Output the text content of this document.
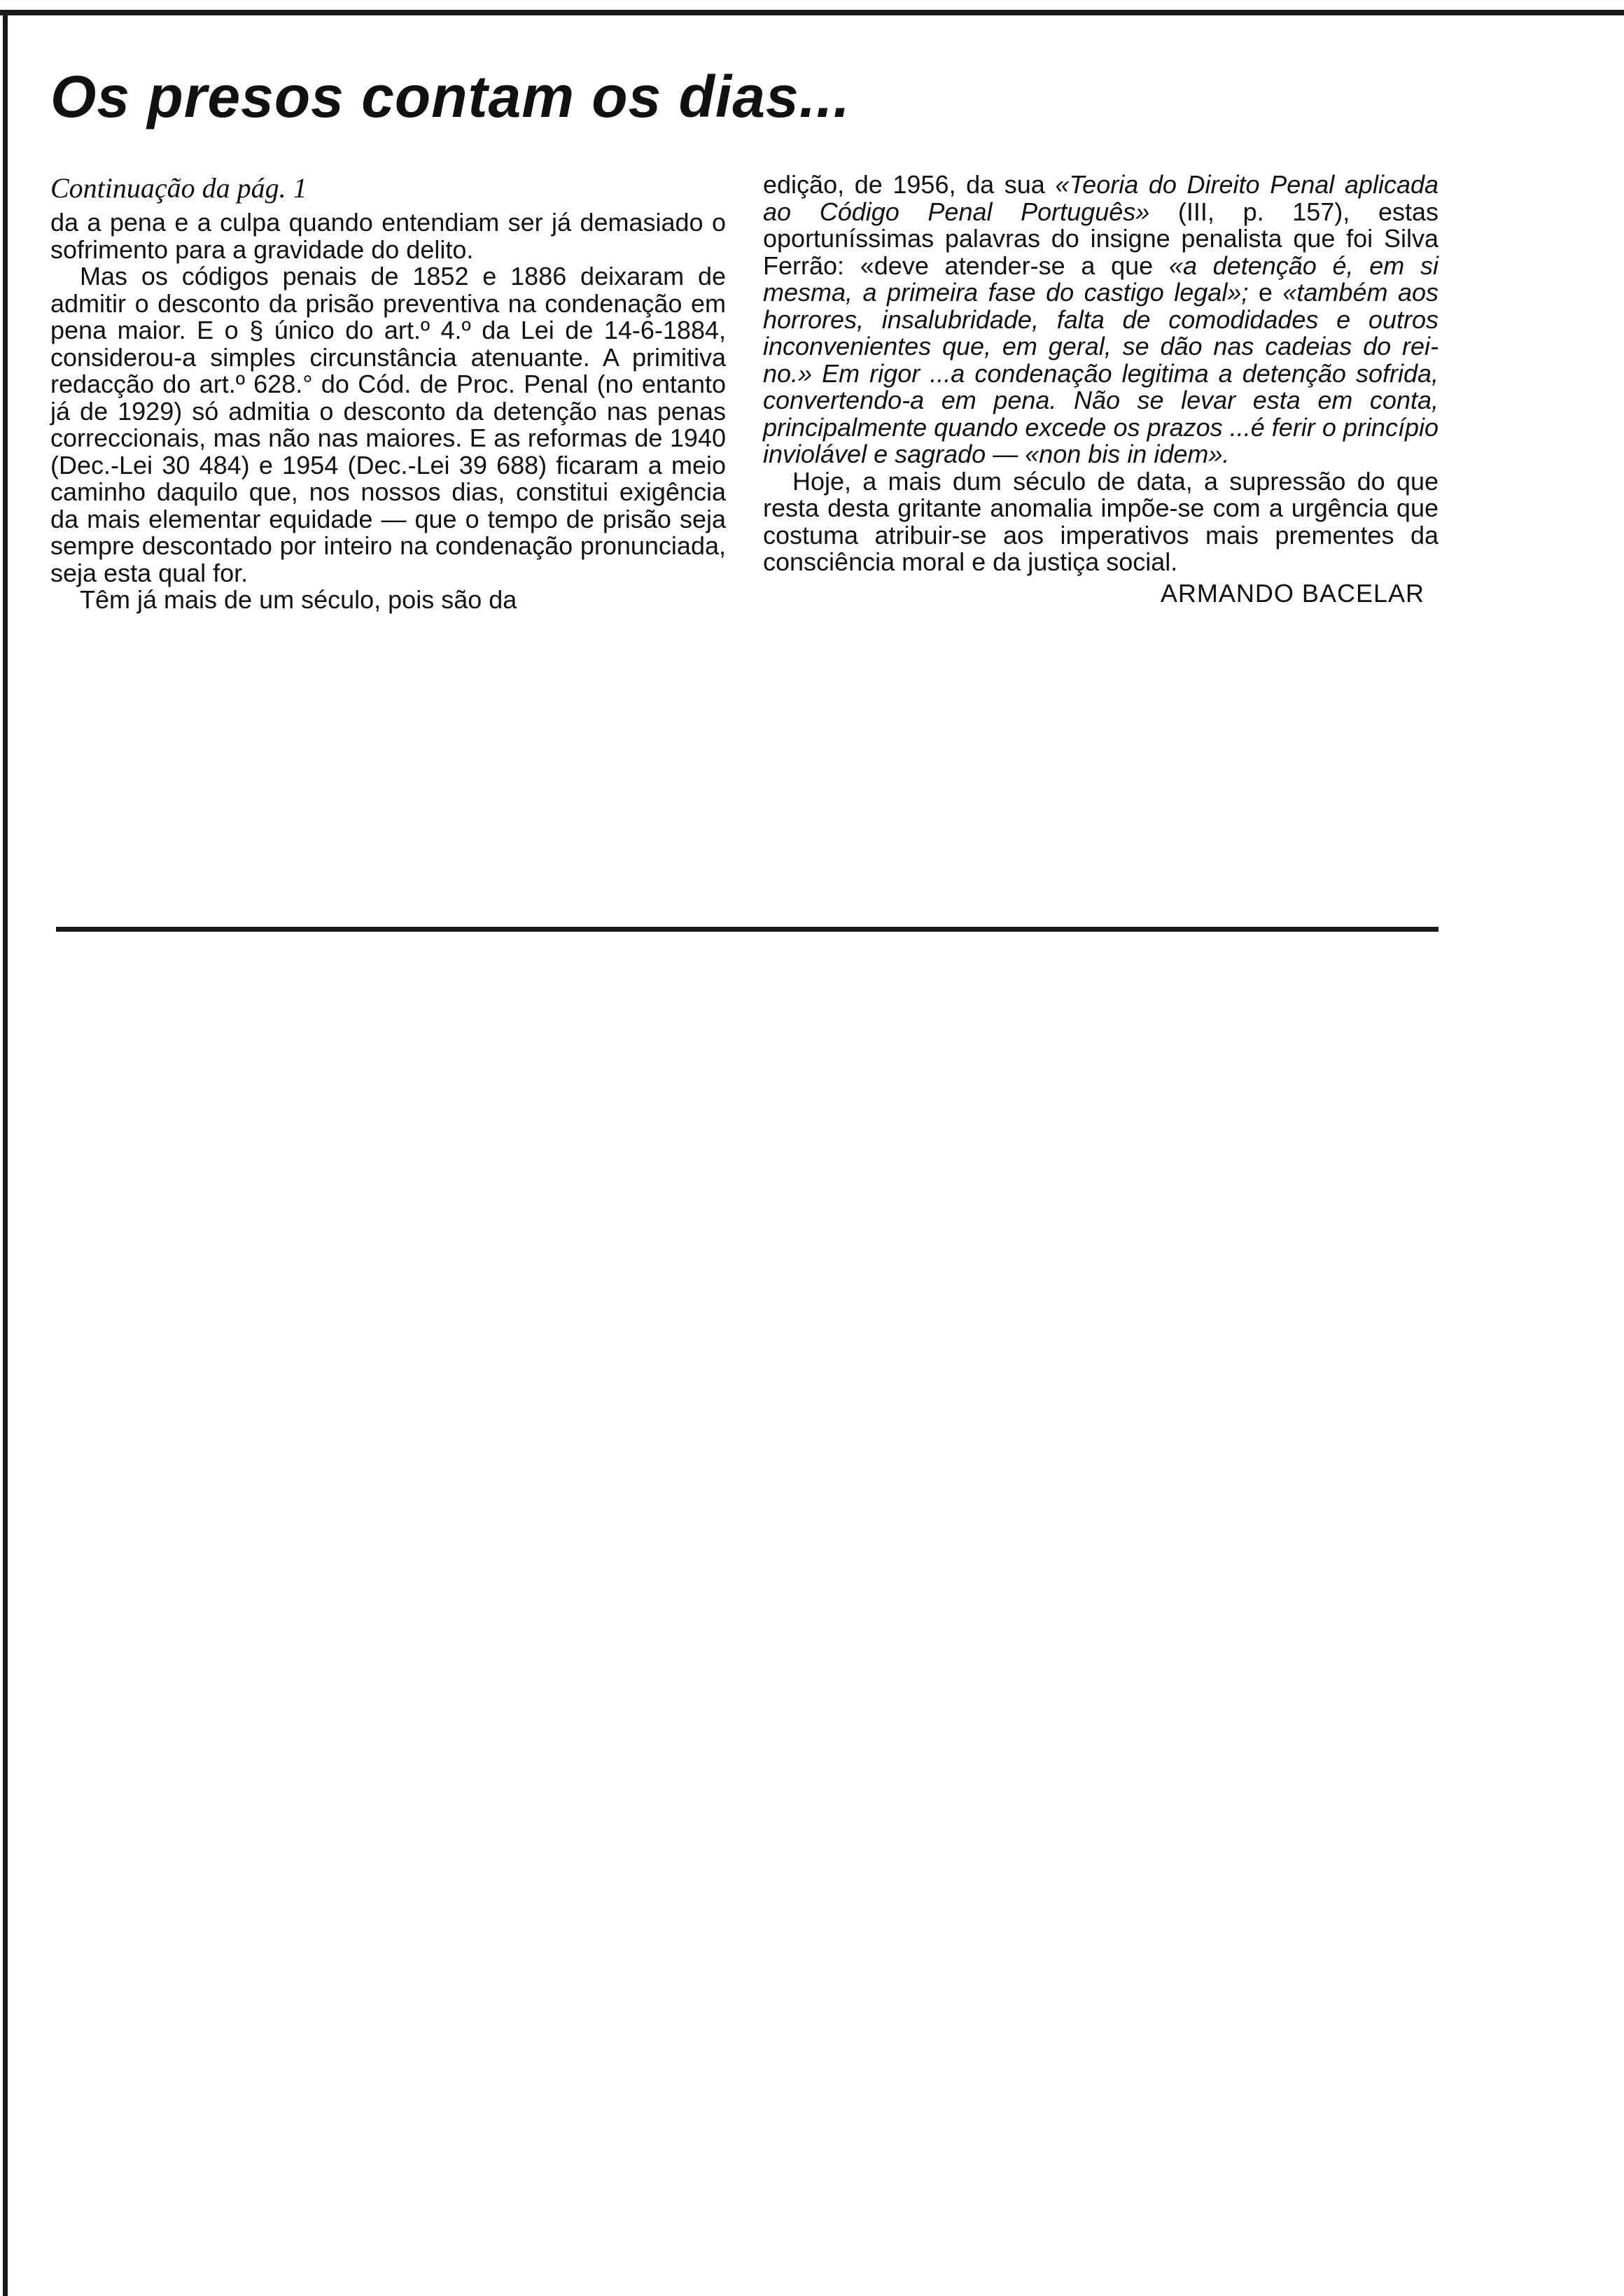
Os presos contam os dias...
Continuação da pág. 1

da a pena e a culpa quando entendiam ser já demasiado o sofrimento para a gravidade do delito.

Mas os códigos penais de 1852 e 1886 deixaram de admitir o desconto da prisão preventiva na condenação em pena maior. E o § único do art.º 4.º da Lei de 14-6-1884, considerou-a simples circunstância atenuante. A primitiva redacção do art.º 628.° do Cód. de Proc. Penal (no entanto já de 1929) só admitia o desconto da detenção nas penas correccionais, mas não nas maiores. E as reformas de 1940 (Dec.-Lei 30 484) e 1954 (Dec.-Lei 39 688) ficaram a meio caminho daquilo que, nos nossos dias, constitui exigência da mais elementar equidade — que o tempo de prisão seja sempre descontado por inteiro na condenação pronunciada, seja esta qual for.

Têm já mais de um século, pois são da

edição, de 1956, da sua «Teoria do Direito Penal aplicada ao Código Penal Português» (III, p. 157), estas oportuníssimas palavras do insigne penalista que foi Silva Ferrão: «deve atender-se a que «a detenção é, em si mesma, a primeira fase do castigo legal»; e «também aos horrores, insalubridade, falta de comodidades e outros inconvenientes que, em geral, se dão nas cadeias do reino.» Em rigor ...a condenação legitima a detenção sofrida, convertendo-a em pena. Não se levar esta em conta, principalmente quando excede os prazos ...é ferir o princípio inviolável e sagrado — «non bis in idem».

Hoje, a mais dum século de data, a supressão do que resta desta gritante anomalia impõe-se com a urgência que costuma atribuir-se aos imperativos mais prementes da consciência moral e da justiça social.

ARMANDO BACELAR
